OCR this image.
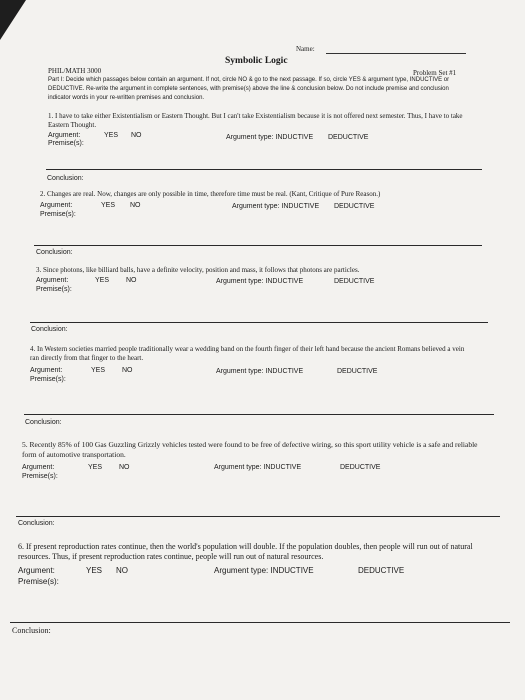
Name:
Symbolic Logic
PHIL/MATH 3000	Problem Set #1
Part I: Decide which passages below contain an argument. If not, circle NO & go to the next passage. If so, circle YES & argument type, INDUCTIVE or DEDUCTIVE. Re-write the argument in complete sentences, with premise(s) above the line & conclusion below. Do not include premise and conclusion indicator words in your re-written premises and conclusion.
1. I have to take either Existentialism or Eastern Thought. But I can't take Existentialism because it is not offered next semester. Thus, I have to take Eastern Thought.
Argument:	YES NO	Argument type: INDUCTIVE DEDUCTIVE
Premise(s):
Conclusion:
2. Changes are real. Now, changes are only possible in time, therefore time must be real. (Kant, Critique of Pure Reason.)
Argument:	YES NO	Argument type: INDUCTIVE DEDUCTIVE
Premise(s):
Conclusion:
3. Since photons, like billiard balls, have a definite velocity, position and mass, it follows that photons are particles.
Argument:	YES NO	Argument type: INDUCTIVE	DEDUCTIVE
Premise(s):
Conclusion:
4. In Western societies married people traditionally wear a wedding band on the fourth finger of their left hand because the ancient Romans believed a vein ran directly from that finger to the heart.
Argument:	YES NO	Argument type: INDUCTIVE	DEDUCTIVE
Premise(s):
Conclusion:
5. Recently 85% of 100 Gas Guzzling Grizzly vehicles tested were found to be free of defective wiring, so this sport utility vehicle is a safe and reliable form of automotive transportation.
Argument:	YES NO	Argument type: INDUCTIVE	DEDUCTIVE
Premise(s):
Conclusion:
6. If present reproduction rates continue, then the world's population will double. If the population doubles, then people will run out of natural resources. Thus, if present reproduction rates continue, people will run out of natural resources.
Argument:	YES NO	Argument type: INDUCTIVE	DEDUCTIVE
Premise(s):
Conclusion:
